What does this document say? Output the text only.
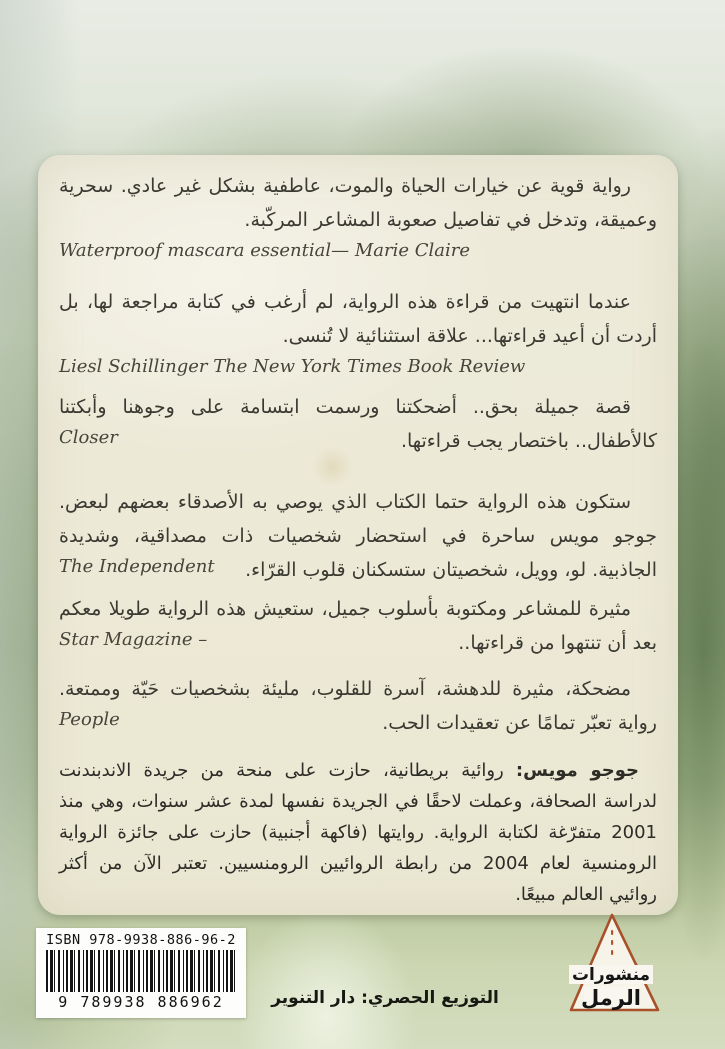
رواية قوية عن خيارات الحياة والموت، عاطفية بشكل غير عادي. سحرية وعميقة، وتدخل في تفاصيل صعوبة المشاعر المركّبة.

Waterproof mascara essential— Marie Claire

عندما انتهيت من قراءة هذه الرواية، لم أرغب في كتابة مراجعة لها، بل أردت أن أعيد قراءتها... علاقة استثنائية لا تُنسى.

Liesl Schillinger The New York Times Book Review

قصة جميلة بحق.. أضحكتنا ورسمت ابتسامة على وجوهنا وأبكتنا كالأطفال.. باختصار يجب قراءتها.

Closer

ستكون هذه الرواية حتما الكتاب الذي يوصي به الأصدقاء بعضهم لبعض. جوجو مويس ساحرة في استحضار شخصيات ذات مصداقية، وشديدة الجاذبية. لو، وويل، شخصيتان ستسكنان قلوب القرّاء.

The Independent

مثيرة للمشاعر ومكتوبة بأسلوب جميل، ستعيش هذه الرواية طويلا معكم بعد أن تنتهوا من قراءتها..

Star Magazine –

مضحكة، مثيرة للدهشة، آسرة للقلوب، مليئة بشخصيات حَيّة وممتعة. رواية تعبّر تمامًا عن تعقيدات الحب.

People

جوجو مويس: روائية بريطانية، حازت على منحة من جريدة الاندبندنت لدراسة الصحافة، وعملت لاحقًا في الجريدة نفسها لمدة عشر سنوات، وهي منذ 2001 متفرّغة لكتابة الرواية. روايتها (فاكهة أجنبية) حازت على جائزة الرواية الرومنسية لعام 2004 من رابطة الروائيين الرومنسيين. تعتبر الآن من أكثر روائيي العالم مبيعًا.

ISBN 978-9938-886-96-2
9 789938 886962	التوزيع الحصري: دار التنوير
منشورات
الرمل
